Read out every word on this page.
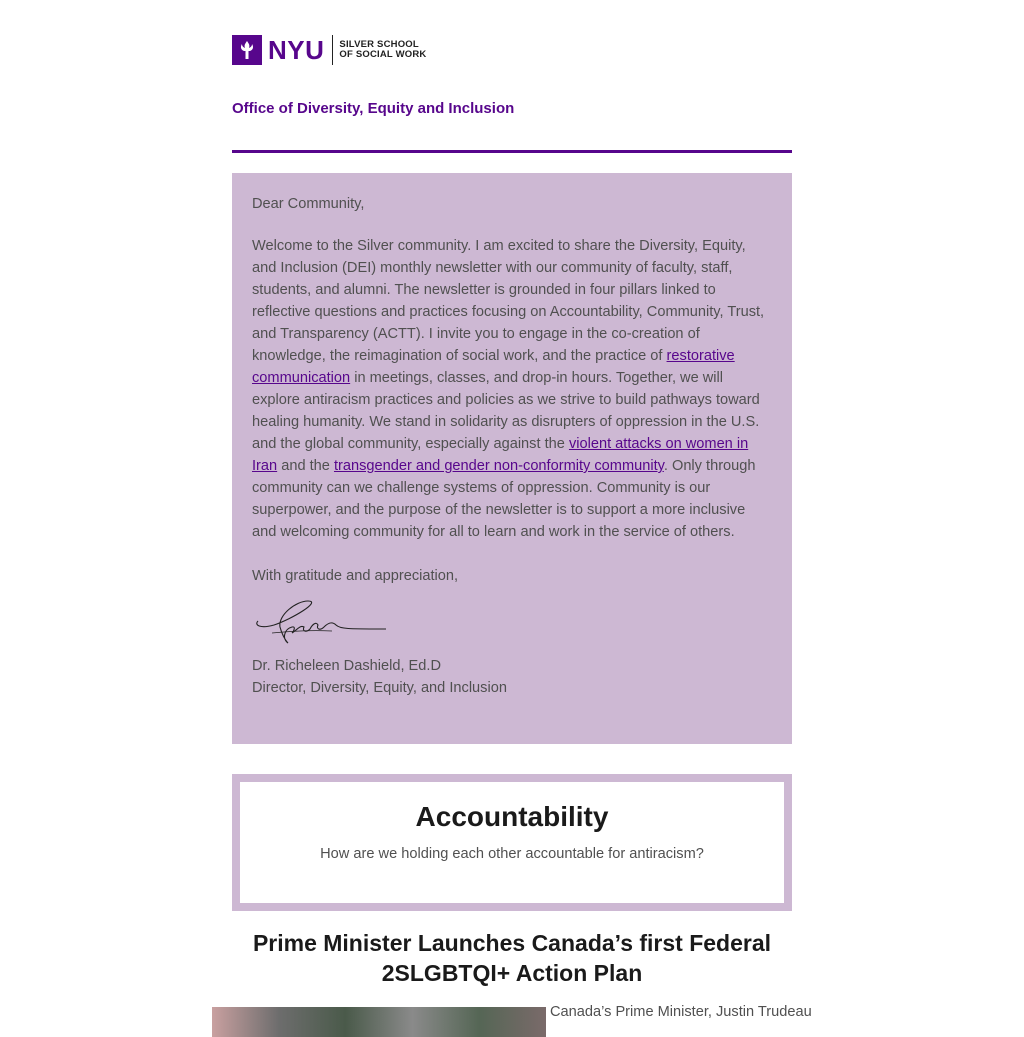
NYU SILVER SCHOOL
OF SOCIAL WORK
Office of Diversity, Equity and Inclusion

Dear Community,

Welcome to the Silver community. I am excited to share the Diversity, Equity, and Inclusion (DEI) monthly newsletter with our community of faculty, staff, students, and alumni. The newsletter is grounded in four pillars linked to reflective questions and practices focusing on Accountability, Community, Trust, and Transparency (ACTT). I invite you to engage in the co-creation of knowledge, the reimagination of social work, and the practice of restorative communication in meetings, classes, and drop-in hours. Together, we will explore antiracism practices and policies as we strive to build pathways toward healing humanity. We stand in solidarity as disrupters of oppression in the U.S. and the global community, especially against the violent attacks on women in Iran and the transgender and gender non-conformity community. Only through community can we challenge systems of oppression. Community is our superpower, and the purpose of the newsletter is to support a more inclusive and welcoming community for all to learn and work in the service of others.

With gratitude and appreciation,

Dr. Richeleen Dashield, Ed.D

Director, Diversity, Equity, and Inclusion

Accountability
How are we holding each other accountable for antiracism?
Prime Minister Launches Canada’s first Federal
2SLGBTQI+ Action Plan
Canada’s Prime Minister, Justin Trudeau
